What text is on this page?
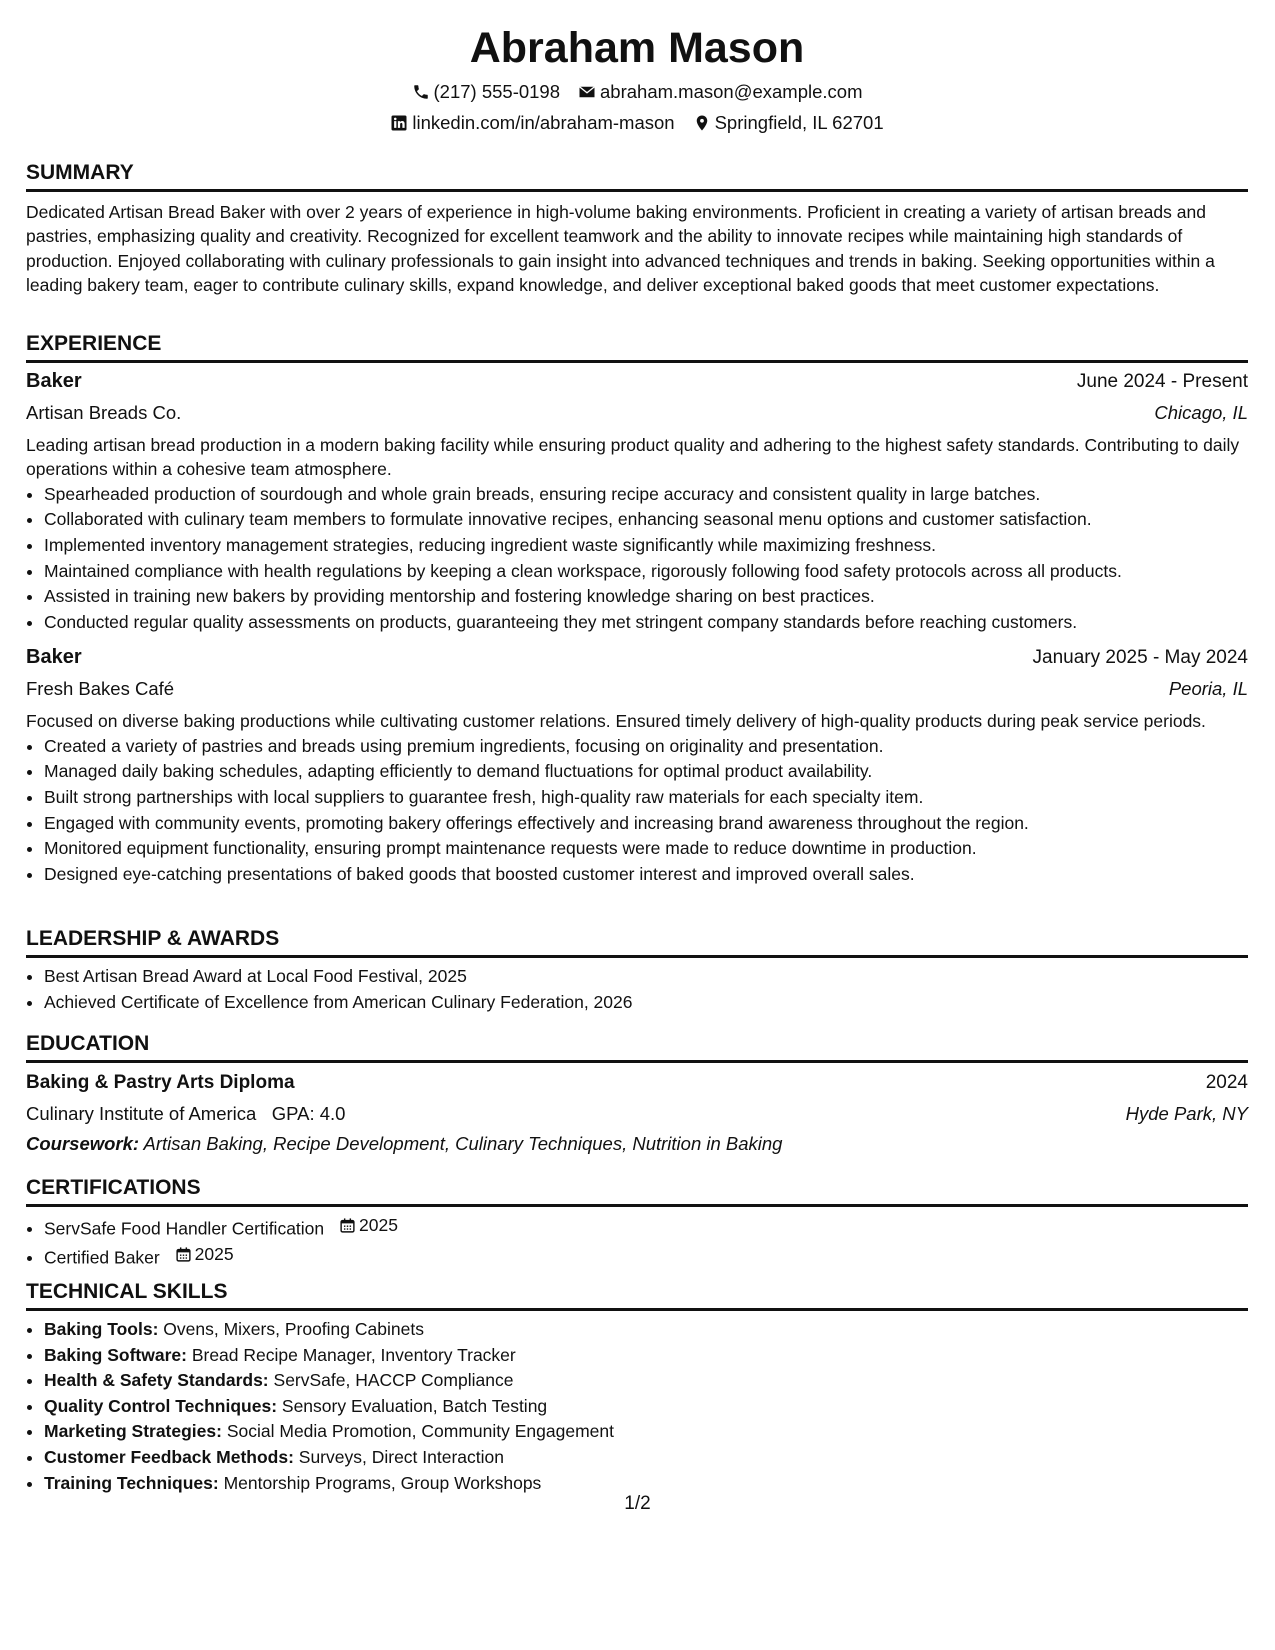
Abraham Mason
(217) 555-0198 abraham.mason@example.com
linkedin.com/in/abraham-mason Springfield, IL 62701
SUMMARY

Dedicated Artisan Bread Baker with over 2 years of experience in high-volume baking environments. Proficient in creating a variety of artisan breads and pastries, emphasizing quality and creativity. Recognized for excellent teamwork and the ability to innovate recipes while maintaining high standards of production. Enjoyed collaborating with culinary professionals to gain insight into advanced techniques and trends in baking. Seeking opportunities within a leading bakery team, eager to contribute culinary skills, expand knowledge, and deliver exceptional baked goods that meet customer expectations.

EXPERIENCE
Baker	June 2024 - Present
Artisan Breads Co.	Chicago, IL
Leading artisan bread production in a modern baking facility while ensuring product quality and adhering to the highest safety standards. Contributing to daily operations within a cohesive team atmosphere.
• Spearheaded production of sourdough and whole grain breads, ensuring recipe accuracy and consistent quality in large batches.
• Collaborated with culinary team members to formulate innovative recipes, enhancing seasonal menu options and customer satisfaction.
• Implemented inventory management strategies, reducing ingredient waste significantly while maximizing freshness.
• Maintained compliance with health regulations by keeping a clean workspace, rigorously following food safety protocols across all products.
• Assisted in training new bakers by providing mentorship and fostering knowledge sharing on best practices.
• Conducted regular quality assessments on products, guaranteeing they met stringent company standards before reaching customers.
Baker	January 2025 - May 2024
Fresh Bakes Café	Peoria, IL
Focused on diverse baking productions while cultivating customer relations. Ensured timely delivery of high-quality products during peak service periods.
• Created a variety of pastries and breads using premium ingredients, focusing on originality and presentation.
• Managed daily baking schedules, adapting efficiently to demand fluctuations for optimal product availability.
• Built strong partnerships with local suppliers to guarantee fresh, high-quality raw materials for each specialty item.
• Engaged with community events, promoting bakery offerings effectively and increasing brand awareness throughout the region.
• Monitored equipment functionality, ensuring prompt maintenance requests were made to reduce downtime in production.
• Designed eye-catching presentations of baked goods that boosted customer interest and improved overall sales.
LEADERSHIP & AWARDS
• Best Artisan Bread Award at Local Food Festival, 2025
• Achieved Certificate of Excellence from American Culinary Federation, 2026
EDUCATION
Baking & Pastry Arts Diploma	2024
Culinary Institute of America GPA: 4.0	Hyde Park, NY
Coursework: Artisan Baking, Recipe Development, Culinary Techniques, Nutrition in Baking
CERTIFICATIONS
• ServSafe Food Handler Certification 2025
• Certified Baker 2025
TECHNICAL SKILLS
• Baking Tools: Ovens, Mixers, Proofing Cabinets
• Baking Software: Bread Recipe Manager, Inventory Tracker
• Health & Safety Standards: ServSafe, HACCP Compliance
• Quality Control Techniques: Sensory Evaluation, Batch Testing
• Marketing Strategies: Social Media Promotion, Community Engagement
• Customer Feedback Methods: Surveys, Direct Interaction
• Training Techniques: Mentorship Programs, Group Workshops
1/2
